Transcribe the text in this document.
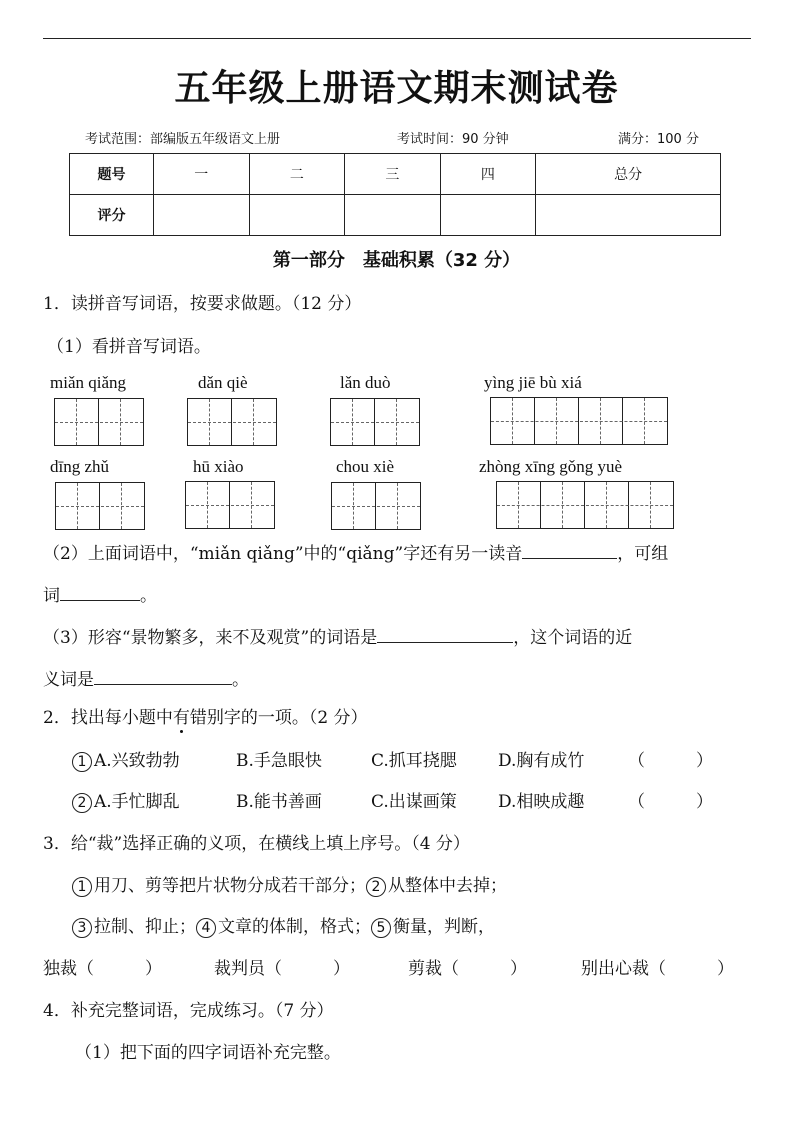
五年级上册语文期末测试卷
考试范围：部编版五年级语文上册	考试时间：90 分钟	满分：100 分
题号	一	二	三	四	总分
评分					
第一部分　基础积累（32 分）
1．读拼音写词语，按要求做题。（12 分）
（1）看拼音写词语。
miǎn qiǎng	dǎn qiè	lǎn duò	yìng jiē bù xiá
dīng zhǔ	hū xiào	chou xiè	zhòng xīng gǒng yuè
（2）上面词语中，“miǎn qiǎng”中的“qiǎng”字还有另一读音	，可组
词	。
（3）形容“景物繁多，来不及观赏”的词语是	，这个词语的近
义词是	。
2．找出每小题中有错别字的一项。（2 分）
1 A.兴致勃勃	B.手急眼快	C.抓耳挠腮 D.胸有成竹	（　　　）
2 A.手忙脚乱	B.能书善画	C.出谋画策 D.相映成趣	（　　　）
3．给“裁”选择正确的义项，在横线上填上序号。（4 分）
1 用刀、剪等把片状物分成若干部分； 2 从整体中去掉；
3 拉制、抑止； 4 文章的体制，格式； 5 衡量，判断，
独裁（　　　）	裁判员（　　　）	剪裁（　　　）	别出心裁（　　　）
4．补充完整词语，完成练习。（7 分）
（1）把下面的四字词语补充完整。
